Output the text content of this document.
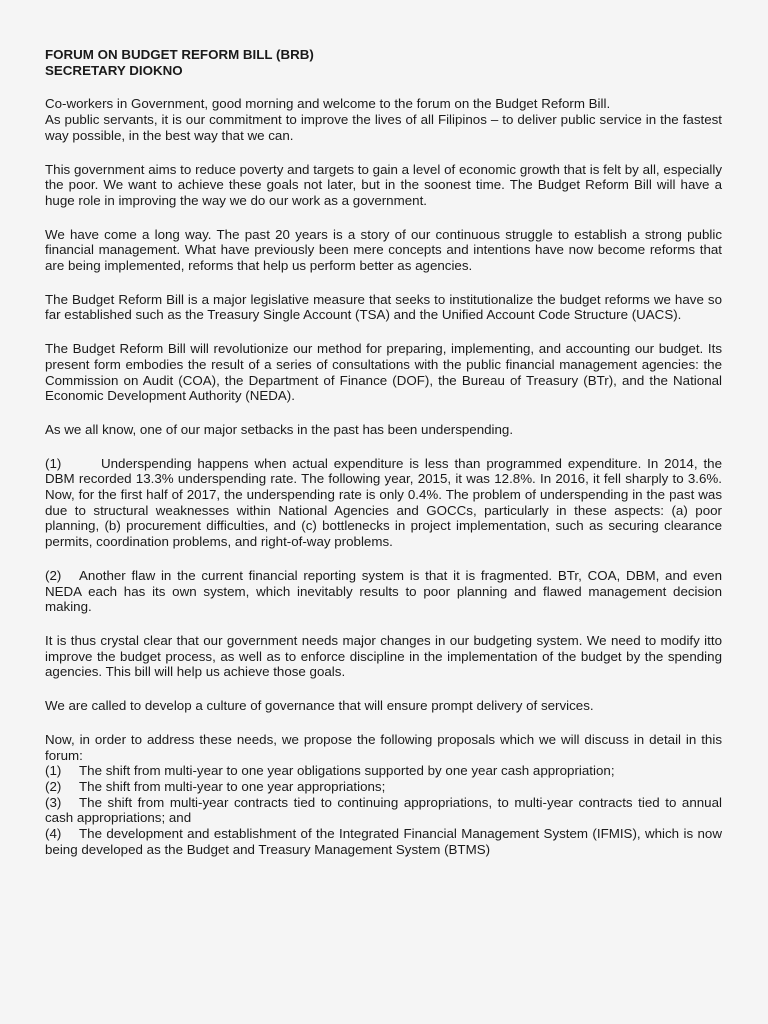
FORUM ON BUDGET REFORM BILL (BRB)
SECRETARY DIOKNO

Co-workers in Government, good morning and welcome to the forum on the Budget Reform Bill.
As public servants, it is our commitment to improve the lives of all Filipinos – to deliver public service in the fastest way possible, in the best way that we can.

This government aims to reduce poverty and targets to gain a level of economic growth that is felt by all, especially the poor. We want to achieve these goals not later, but in the soonest time. The Budget Reform Bill will have a huge role in improving the way we do our work as a government.

We have come a long way. The past 20 years is a story of our continuous struggle to establish a strong public financial management. What have previously been mere concepts and intentions have now become reforms that are being implemented, reforms that help us perform better as agencies.

The Budget Reform Bill is a major legislative measure that seeks to institutionalize the budget reforms we have so far established such as the Treasury Single Account (TSA) and the Unified Account Code Structure (UACS).

The Budget Reform Bill will revolutionize our method for preparing, implementing, and accounting our budget. Its present form embodies the result of a series of consultations with the public financial management agencies: the Commission on Audit (COA), the Department of Finance (DOF), the Bureau of Treasury (BTr), and the National Economic Development Authority (NEDA).

As we all know, one of our major setbacks in the past has been underspending.

(1)	Underspending happens when actual expenditure is less than programmed expenditure. In 2014, the DBM recorded 13.3% underspending rate. The following year, 2015, it was 12.8%. In 2016, it fell sharply to 3.6%. Now, for the first half of 2017, the underspending rate is only 0.4%. The problem of underspending in the past was due to structural weaknesses within National Agencies and GOCCs, particularly in these aspects: (a) poor planning, (b) procurement difficulties, and (c) bottlenecks in project implementation, such as securing clearance permits, coordination problems, and right-of-way problems.

(2) Another flaw in the current financial reporting system is that it is fragmented. BTr, COA, DBM, and even NEDA each has its own system, which inevitably results to poor planning and flawed management decision making.

It is thus crystal clear that our government needs major changes in our budgeting system. We need to modify itto improve the budget process, as well as to enforce discipline in the implementation of the budget by the spending agencies. This bill will help us achieve those goals.

We are called to develop a culture of governance that will ensure prompt delivery of services.

Now, in order to address these needs, we propose the following proposals which we will discuss in detail in this forum:
(1) The shift from multi-year to one year obligations supported by one year cash appropriation;
(2) The shift from multi-year to one year appropriations;
(3) The shift from multi-year contracts tied to continuing appropriations, to multi-year contracts tied to annual cash appropriations; and
(4) The development and establishment of the Integrated Financial Management System (IFMIS), which is now being developed as the Budget and Treasury Management System (BTMS)
